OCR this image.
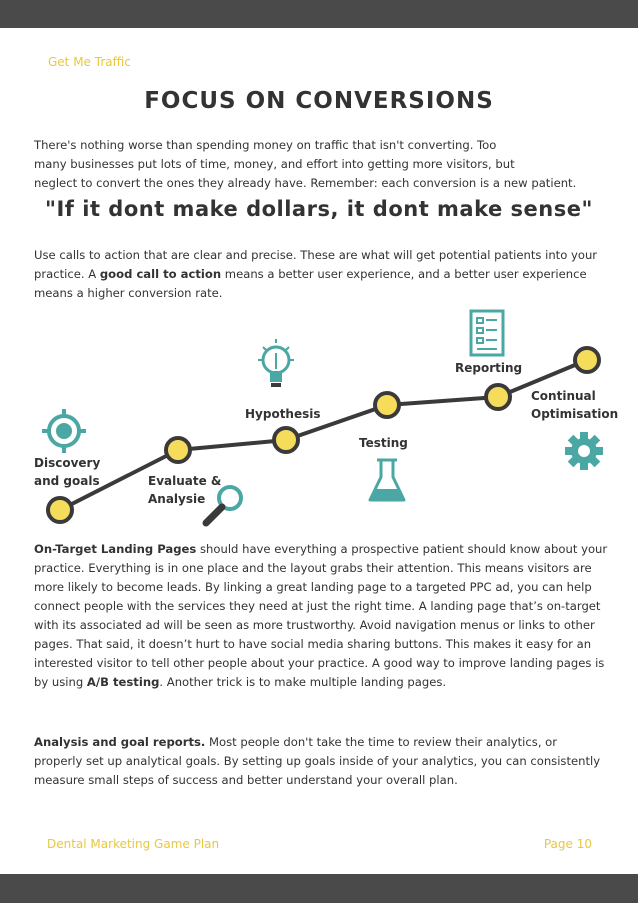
Get Me Traffic
FOCUS ON CONVERSIONS
There's nothing worse than spending money on traffic that isn't converting. Too
many businesses put lots of time, money, and effort into getting more visitors, but
neglect to convert the ones they already have. Remember: each conversion is a new patient.
"If it dont make dollars, it dont make sense"
Use calls to action that are clear and precise. These are what will get potential patients into your practice. A good call to action means a better user experience, and a better user experience means a higher conversion rate.
Discovery
and goals	Evaluate &
Analysie
Hypothesis
Testing
Reporting
Continual
Optimisation
On-Target Landing Pages should have everything a prospective patient should know about your practice. Everything is in one place and the layout grabs their attention. This means visitors are more likely to become leads. By linking a great landing page to a targeted PPC ad, you can help connect people with the services they need at just the right time. A landing page that’s on-target with its associated ad will be seen as more trustworthy. Avoid navigation menus or links to other pages. That said, it doesn’t hurt to have social media sharing buttons. This makes it easy for an interested visitor to tell other people about your practice. A good way to improve landing pages is by using A/B testing. Another trick is to make multiple landing pages.
Analysis and goal reports. Most people don't take the time to review their analytics, or properly set up analytical goals. By setting up goals inside of your analytics, you can consistently measure small steps of success and better understand your overall plan.
Dental Marketing Game Plan	Page 10
